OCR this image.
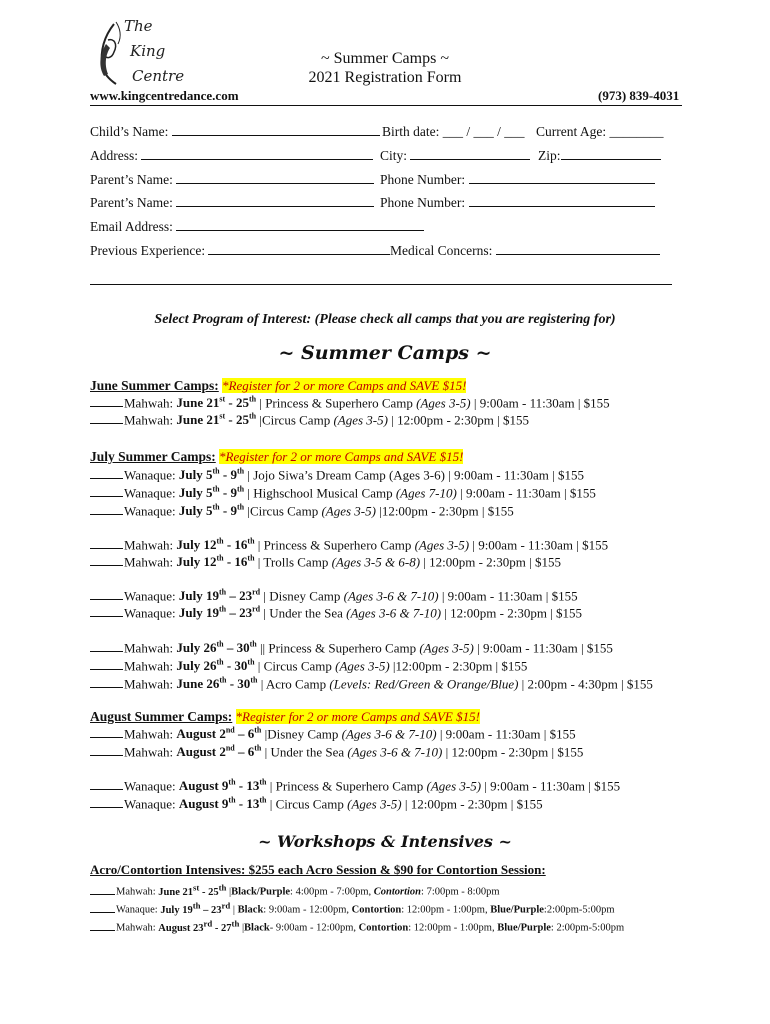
The
King
Centre
~ Summer Camps ~
2021 Registration Form
www.kingcentredance.com	(973) 839-4031
Child’s Name:	Birth date: ___ / ___ / ___ Current Age: ________
Address:	City:	Zip:
Parent’s Name:	Phone Number:
Parent’s Name:	Phone Number:
Email Address:
Previous Experience:	Medical Concerns:
Select Program of Interest: (Please check all camps that you are registering for)
~ Summer Camps ~
June Summer Camps: *Register for 2 or more Camps and SAVE $15!
Mahwah: June 21st - 25th | Princess & Superhero Camp (Ages 3-5) | 9:00am - 11:30am | $155
Mahwah: June 21st - 25th |Circus Camp (Ages 3-5) | 12:00pm - 2:30pm | $155
July Summer Camps: *Register for 2 or more Camps and SAVE $15!
Wanaque: July 5th - 9th | Jojo Siwa’s Dream Camp (Ages 3-6) | 9:00am - 11:30am | $155
Wanaque: July 5th - 9th | Highschool Musical Camp (Ages 7-10) | 9:00am - 11:30am | $155
Wanaque: July 5th - 9th |Circus Camp (Ages 3-5) |12:00pm - 2:30pm | $155
Mahwah: July 12th - 16th | Princess & Superhero Camp (Ages 3-5) | 9:00am - 11:30am | $155
Mahwah: July 12th - 16th | Trolls Camp (Ages 3-5 & 6-8) | 12:00pm - 2:30pm | $155
Wanaque: July 19th – 23rd | Disney Camp (Ages 3-6 & 7-10) | 9:00am - 11:30am | $155
Wanaque: July 19th – 23rd | Under the Sea (Ages 3-6 & 7-10) | 12:00pm - 2:30pm | $155
Mahwah: July 26th – 30th || Princess & Superhero Camp (Ages 3-5) | 9:00am - 11:30am | $155
Mahwah: July 26th - 30th | Circus Camp (Ages 3-5) |12:00pm - 2:30pm | $155
Mahwah: June 26th - 30th | Acro Camp (Levels: Red/Green & Orange/Blue) | 2:00pm - 4:30pm | $155
August Summer Camps: *Register for 2 or more Camps and SAVE $15!
Mahwah: August 2nd – 6th |Disney Camp (Ages 3-6 & 7-10) | 9:00am - 11:30am | $155
Mahwah: August 2nd – 6th | Under the Sea (Ages 3-6 & 7-10) | 12:00pm - 2:30pm | $155
Wanaque: August 9th - 13th | Princess & Superhero Camp (Ages 3-5) | 9:00am - 11:30am | $155
Wanaque: August 9th - 13th | Circus Camp (Ages 3-5) | 12:00pm - 2:30pm | $155
~ Workshops & Intensives ~
Acro/Contortion Intensives: $255 each Acro Session & $90 for Contortion Session:
Mahwah: June 21st - 25th |Black/Purple: 4:00pm - 7:00pm, Contortion: 7:00pm - 8:00pm
Wanaque: July 19th – 23rd | Black: 9:00am - 12:00pm, Contortion: 12:00pm - 1:00pm, Blue/Purple:2:00pm-5:00pm
Mahwah: August 23rd - 27th |Black- 9:00am - 12:00pm, Contortion: 12:00pm - 1:00pm, Blue/Purple: 2:00pm-5:00pm
